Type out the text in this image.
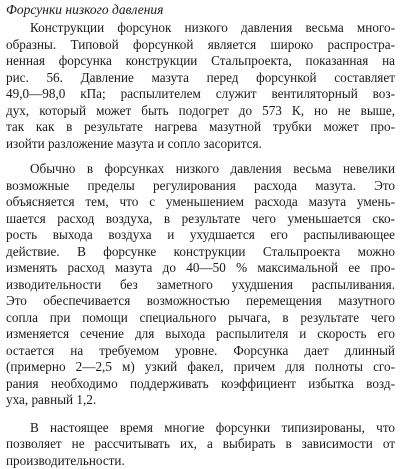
Форсунки низкого давления
Конструкции форсунок низкого давления весьма много-
образны. Типовой форсункой является широко распростра-
ненная форсунка конструкции Стальпроекта, показанная на
рис. 56. Давление мазута перед форсункой составляет
49,0—98,0 кПа; распылителем служит вентиляторный воз-
дух, который может быть подогрет до 573 К, но не выше,
так как в результате нагрева мазутной трубки может про-
изойти разложение мазута и сопло засорится.
Обычно в форсунках низкого давления весьма невелики
возможные пределы регулирования расхода мазута. Это
объясняется тем, что с уменьшением расхода мазута умень-
шается расход воздуха, в результате чего уменьшается ско-
рость выхода воздуха и ухудшается его распыливающее
действие. В форсунке конструкции Стальпроекта можно
изменять расход мазута до 40—50 % максимальной ее про-
изводительности без заметного ухудшения распыливания.
Это обеспечивается возможностью перемещения мазутного
сопла при помощи специального рычага, в результате чего
изменяется сечение для выхода распылителя и скорость его
остается на требуемом уровне. Форсунка дает длинный
(примерно 2—2,5 м) узкий факел, причем для полноты сго-
рания необходимо поддерживать коэффициент избытка возд-
уха, равный 1,2.
В настоящее время многие форсунки типизированы, что
позволяет не рассчитывать их, а выбирать в зависимости от
производительности.
